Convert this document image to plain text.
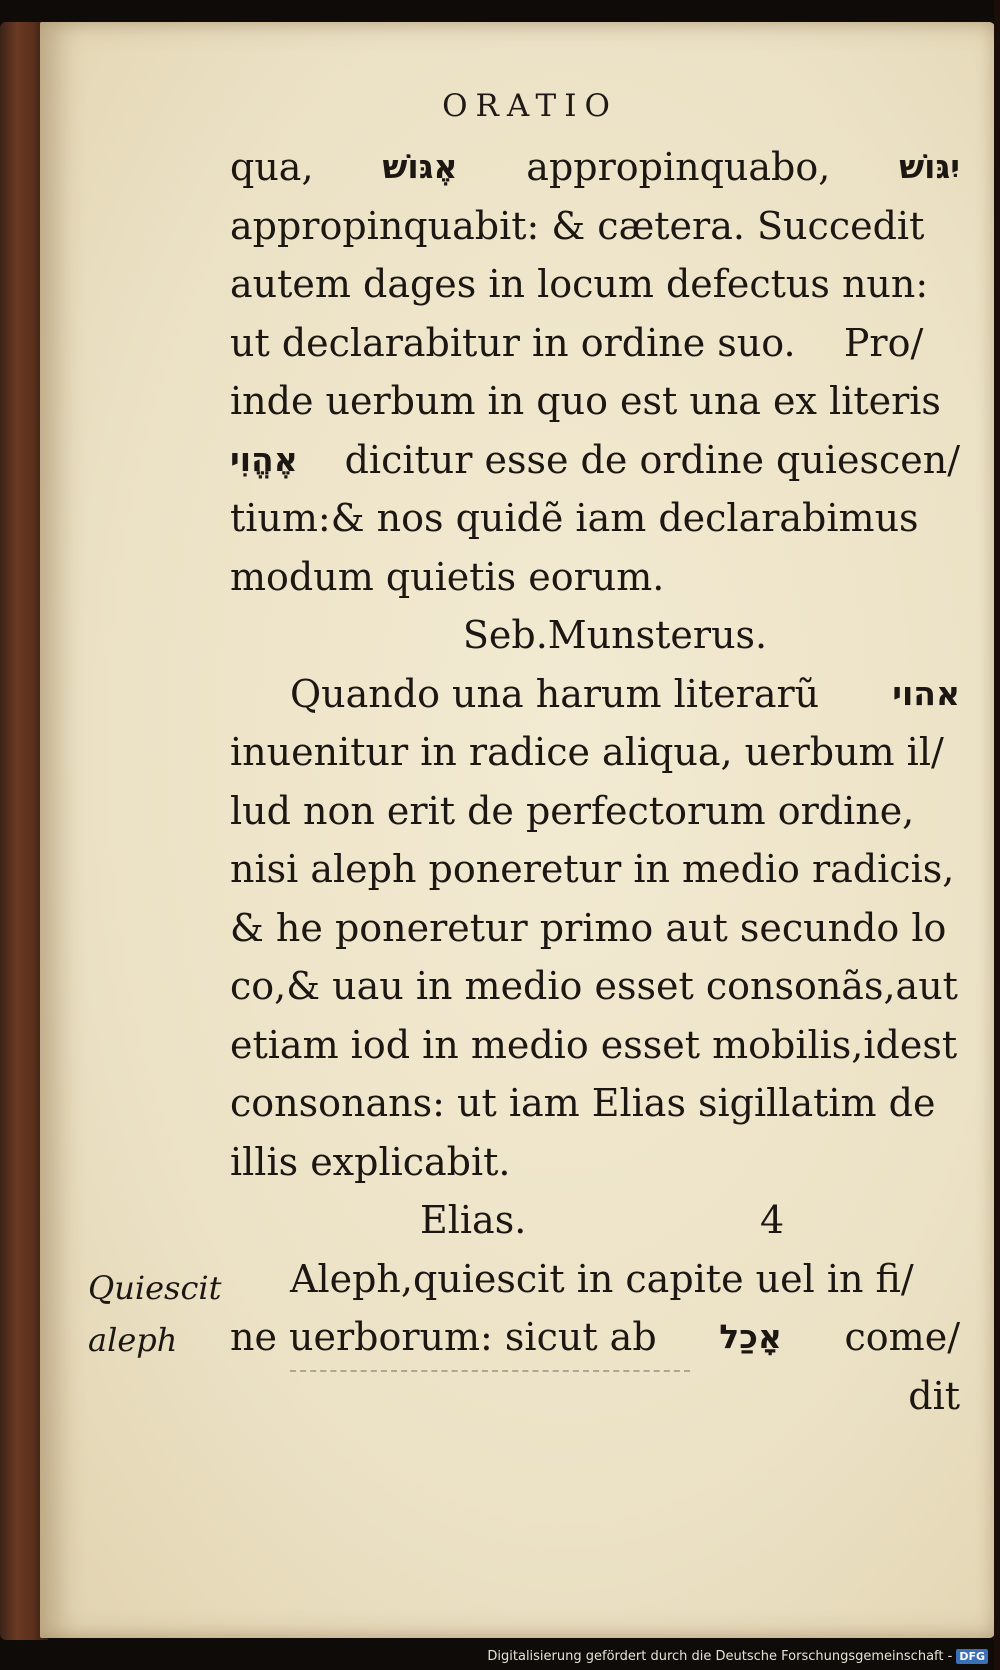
ORATIO
qua, אֶגּוֹשׁ appropinquabo, יִגּוֹשׁ
appropinquabit: & cætera. Succedit
autem dages in locum defectus nun:
ut declarabitur in ordine suo.    Pro/
inde uerbum in quo est una ex literis
אֶהֱוִי dicitur esse de ordine quiescen/
tium:& nos quidẽ iam declarabimus
modum quietis eorum.
Seb.Munsterus.
Quando una harum literarũ אהוי
inuenitur in radice aliqua, uerbum il/
lud non erit de perfectorum ordine,
nisi aleph poneretur in medio radicis,
& he poneretur primo aut secundo lo
co,& uau in medio esset consonãs,aut
etiam iod in medio esset mobilis,idest
consonans: ut iam Elias sigillatim de
illis explicabit.
Elias.	4
Aleph,quiescit in capite uel in fi/
ne uerborum: sicut ab אָכַל come/
dit
Quiescit
aleph
Digitalisierung gefördert durch die Deutsche Forschungsgemeinschaft - DFG
